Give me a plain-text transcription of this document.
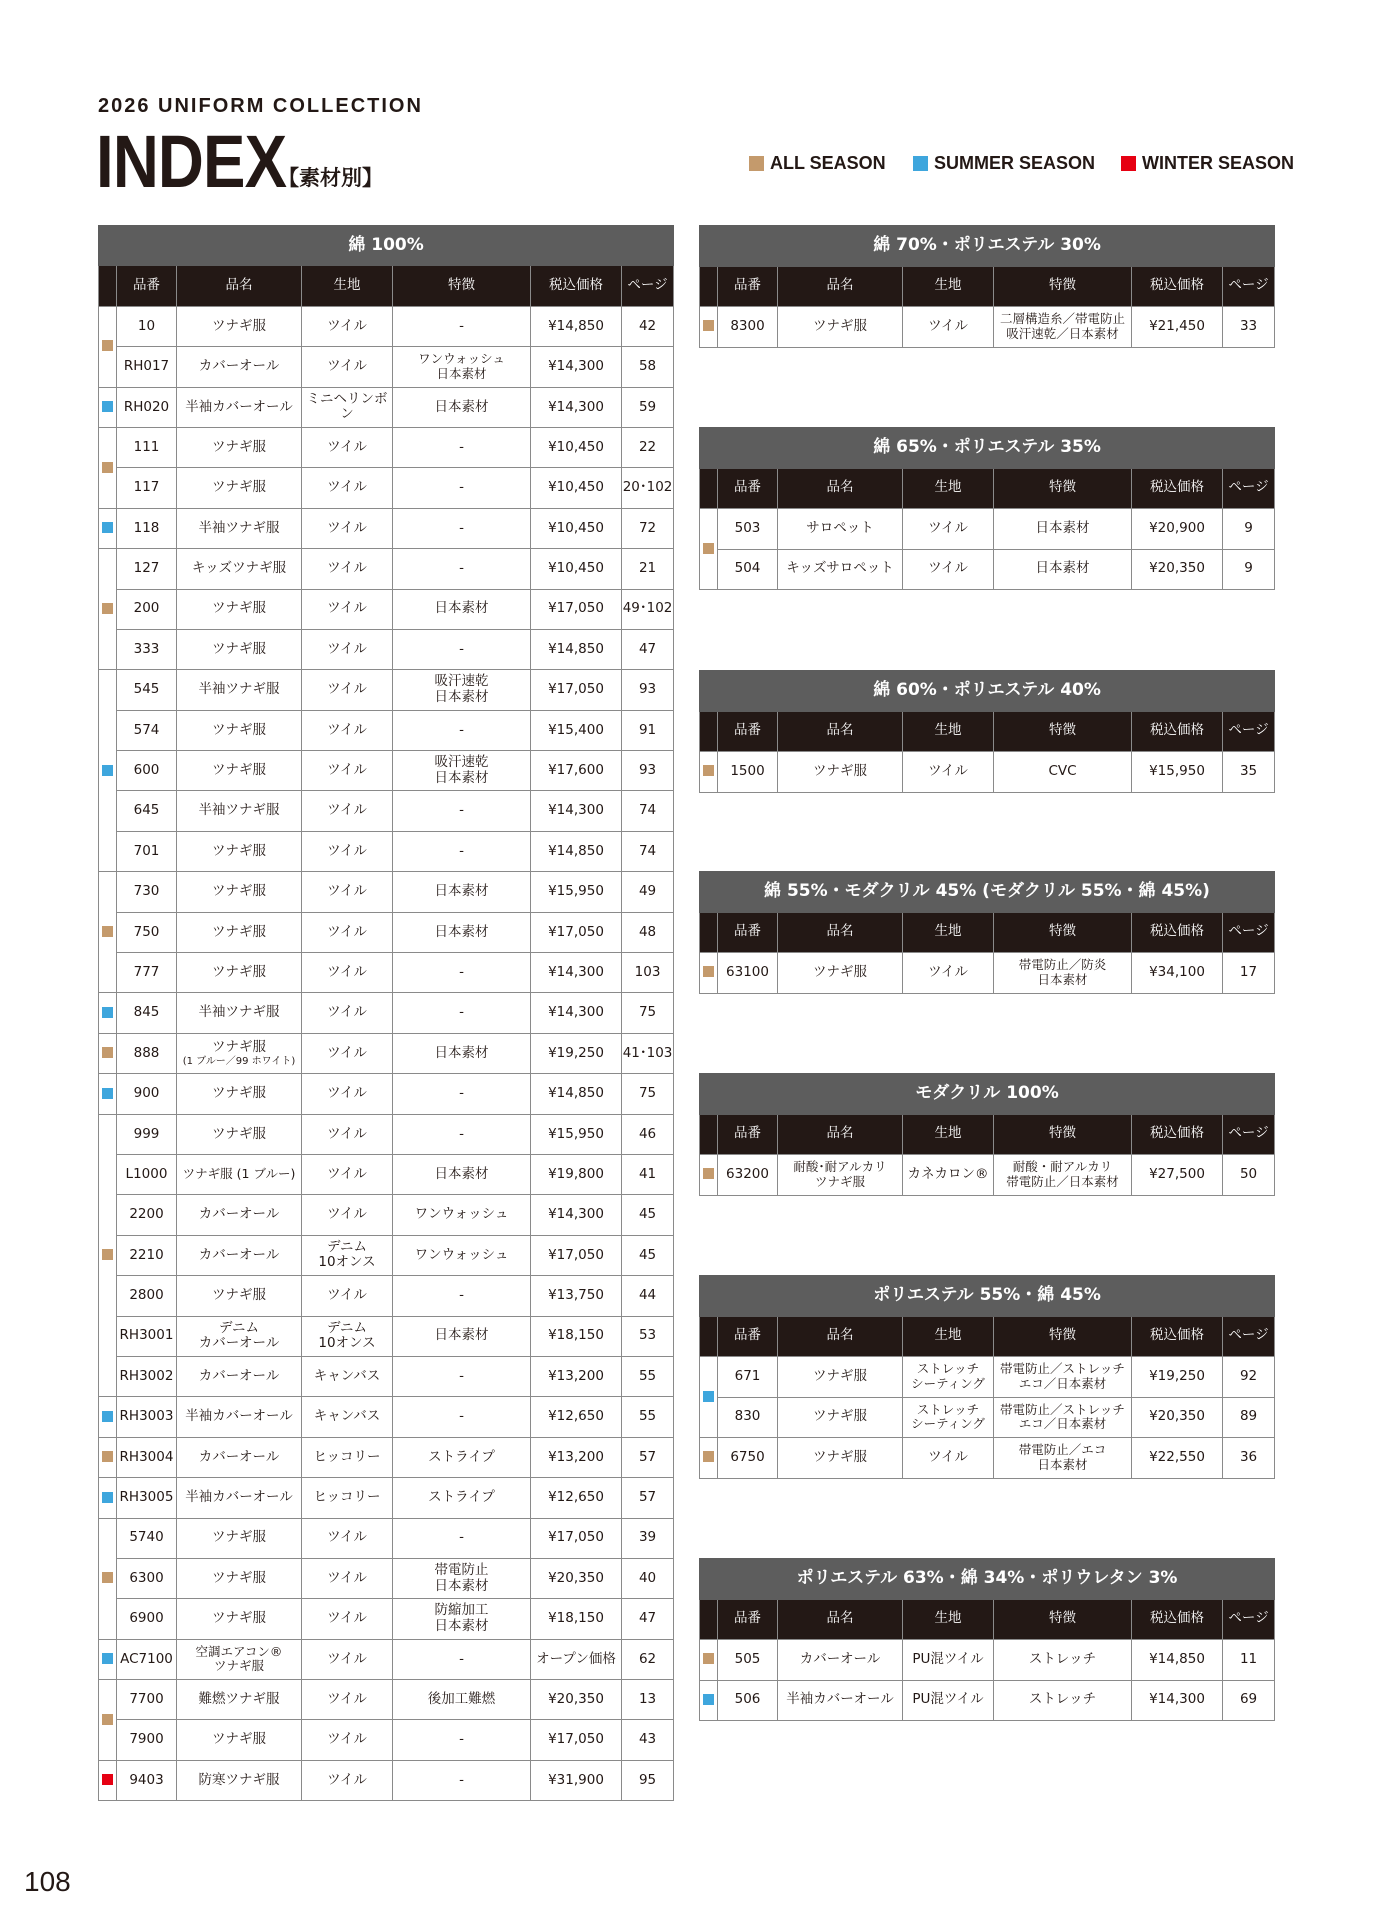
2026 UNIFORM COLLECTION
INDEX
【素材別】
ALL SEASON	SUMMER SEASON	WINTER SEASON
綿 100%						
	品番	品名	生地	特徴	税込価格	ページ

	10	ツナギ服	ツイル	-	¥14,850	42

	RH017	カバーオール	ツイル	ワンウォッシュ
日本素材	¥14,300	58

	RH020	半袖カバーオール	ミニヘリンボン	日本素材	¥14,300	59

	111	ツナギ服	ツイル	-	¥10,450	22

	117	ツナギ服	ツイル	-	¥10,450	20･102

	118	半袖ツナギ服	ツイル	-	¥10,450	72

	127	キッズツナギ服	ツイル	-	¥10,450	21

	200	ツナギ服	ツイル	日本素材	¥17,050	49･102

	333	ツナギ服	ツイル	-	¥14,850	47

	545	半袖ツナギ服	ツイル	吸汗速乾
日本素材	¥17,050	93

	574	ツナギ服	ツイル	-	¥15,400	91

	600	ツナギ服	ツイル	吸汗速乾
日本素材	¥17,600	93

	645	半袖ツナギ服	ツイル	-	¥14,300	74

	701	ツナギ服	ツイル	-	¥14,850	74

	730	ツナギ服	ツイル	日本素材	¥15,950	49

	750	ツナギ服	ツイル	日本素材	¥17,050	48

	777	ツナギ服	ツイル	-	¥14,300	103

	845	半袖ツナギ服	ツイル	-	¥14,300	75

	888	ツナギ服
(1 ブルー／99 ホワイト)	ツイル	日本素材	¥19,250	41･103

	900	ツナギ服	ツイル	-	¥14,850	75

	999	ツナギ服	ツイル	-	¥15,950	46

	L1000	ツナギ服 (1 ブルー)	ツイル	日本素材	¥19,800	41

	2200	カバーオール	ツイル	ワンウォッシュ	¥14,300	45

	2210	カバーオール	デニム
10オンス	ワンウォッシュ	¥17,050	45

	2800	ツナギ服	ツイル	-	¥13,750	44

	RH3001	デニム
カバーオール	デニム
10オンス	日本素材	¥18,150	53

	RH3002	カバーオール	キャンバス	-	¥13,200	55

	RH3003	半袖カバーオール	キャンバス	-	¥12,650	55

	RH3004	カバーオール	ヒッコリー	ストライプ	¥13,200	57

	RH3005	半袖カバーオール	ヒッコリー	ストライプ	¥12,650	57

	5740	ツナギ服	ツイル	-	¥17,050	39

	6300	ツナギ服	ツイル	帯電防止
日本素材	¥20,350	40

	6900	ツナギ服	ツイル	防縮加工
日本素材	¥18,150	47

	AC7100	空調エアコン®
ツナギ服	ツイル	-	オープン価格	62

	7700	難燃ツナギ服	ツイル	後加工難燃	¥20,350	13

	7900	ツナギ服	ツイル	-	¥17,050	43

	9403	防寒ツナギ服	ツイル	-	¥31,900	95
綿 70%・ポリエステル 30%						
	品番	品名	生地	特徴	税込価格	ページ

	8300	ツナギ服	ツイル	二層構造糸／帯電防止
吸汗速乾／日本素材	¥21,450	33
綿 65%・ポリエステル 35%						
	品番	品名	生地	特徴	税込価格	ページ

	503	サロペット	ツイル	日本素材	¥20,900	9

	504	キッズサロペット	ツイル	日本素材	¥20,350	9
綿 60%・ポリエステル 40%						
	品番	品名	生地	特徴	税込価格	ページ

	1500	ツナギ服	ツイル	CVC	¥15,950	35
綿 55%・モダクリル 45% (モダクリル 55%・綿 45%)						
	品番	品名	生地	特徴	税込価格	ページ

	63100	ツナギ服	ツイル	帯電防止／防炎
日本素材	¥34,100	17
モダクリル 100%						
	品番	品名	生地	特徴	税込価格	ページ

	63200	耐酸･耐アルカリ
ツナギ服	カネカロン®	耐酸・耐アルカリ
帯電防止／日本素材	¥27,500	50
ポリエステル 55%・綿 45%						
	品番	品名	生地	特徴	税込価格	ページ

	671	ツナギ服	ストレッチ
シーティング	帯電防止／ストレッチ
エコ／日本素材	¥19,250	92

	830	ツナギ服	ストレッチ
シーティング	帯電防止／ストレッチ
エコ／日本素材	¥20,350	89

	6750	ツナギ服	ツイル	帯電防止／エコ
日本素材	¥22,550	36
ポリエステル 63%・綿 34%・ポリウレタン 3%						
	品番	品名	生地	特徴	税込価格	ページ

	505	カバーオール	PU混ツイル	ストレッチ	¥14,850	11

	506	半袖カバーオール	PU混ツイル	ストレッチ	¥14,300	69
108
